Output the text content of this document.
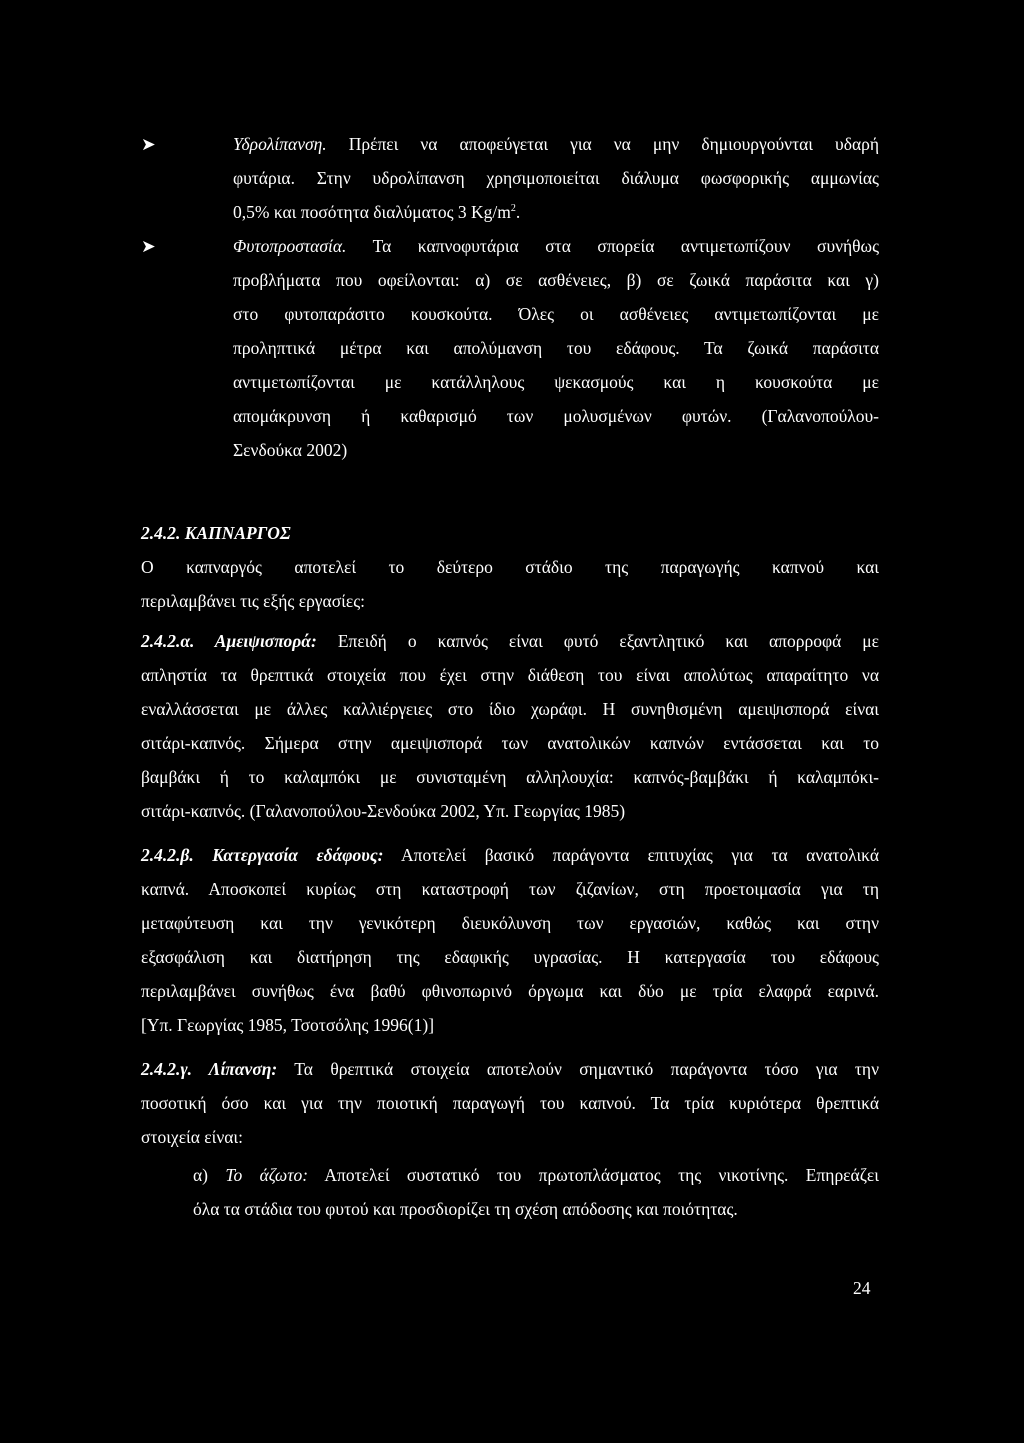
➤	Υδρολίπανση. Πρέπει να αποφεύγεται για να μην δημιουργούνται υδαρή
φυτάρια. Στην υδρολίπανση χρησιμοποιείται διάλυμα φωσφορικής αμμωνίας
0,5% και ποσότητα διαλύματος 3 $Kg/m^2$.
➤	Φυτοπροστασία. Τα καπνοφυτάρια στα σπορεία αντιμετωπίζουν συνήθως
προβλήματα που οφείλονται: α) σε ασθένειες, β) σε ζωικά παράσιτα και γ)
στο φυτοπαράσιτο κουσκούτα. Όλες οι ασθένειες αντιμετωπίζονται με
προληπτικά μέτρα και απολύμανση του εδάφους. Τα ζωικά παράσιτα
αντιμετωπίζονται με κατάλληλους ψεκασμούς και η κουσκούτα με
απομάκρυνση ή καθαρισμό των μολυσμένων φυτών. (Γαλανοπούλου-
Σενδούκα 2002)
2.4.2. ΚΑΠΝΑΡΓΟΣ
Ο καπναργός αποτελεί το δεύτερο στάδιο της παραγωγής καπνού και
περιλαμβάνει τις εξής εργασίες:
2.4.2.α. Αμειψισπορά: Επειδή ο καπνός είναι φυτό εξαντλητικό και απορροφά με
απληστία τα θρεπτικά στοιχεία που έχει στην διάθεση του είναι απολύτως απαραίτητο να
εναλλάσσεται με άλλες καλλιέργειες στο ίδιο χωράφι. Η συνηθισμένη αμειψισπορά είναι
σιτάρι-καπνός. Σήμερα στην αμειψισπορά των ανατολικών καπνών εντάσσεται και το
βαμβάκι ή το καλαμπόκι με συνισταμένη αλληλουχία: καπνός-βαμβάκι ή καλαμπόκι-
σιτάρι-καπνός. (Γαλανοπούλου-Σενδούκα 2002, Υπ. Γεωργίας 1985)
2.4.2.β. Κατεργασία εδάφους: Αποτελεί βασικό παράγοντα επιτυχίας για τα ανατολικά
καπνά. Αποσκοπεί κυρίως στη καταστροφή των ζιζανίων, στη προετοιμασία για τη
μεταφύτευση και την γενικότερη διευκόλυνση των εργασιών, καθώς και στην
εξασφάλιση και διατήρηση της εδαφικής υγρασίας. Η κατεργασία του εδάφους
περιλαμβάνει συνήθως ένα βαθύ φθινοπωρινό όργωμα και δύο με τρία ελαφρά εαρινά.
[Υπ. Γεωργίας 1985, Τσοτσόλης 1996(1)]
2.4.2.γ. Λίπανση: Τα θρεπτικά στοιχεία αποτελούν σημαντικό παράγοντα τόσο για την
ποσοτική όσο και για την ποιοτική παραγωγή του καπνού. Τα τρία κυριότερα θρεπτικά
στοιχεία είναι:
α) Το άζωτο: Αποτελεί συστατικό του πρωτοπλάσματος της νικοτίνης. Επηρεάζει
όλα τα στάδια του φυτού και προσδιορίζει τη σχέση απόδοσης και ποιότητας.
24
